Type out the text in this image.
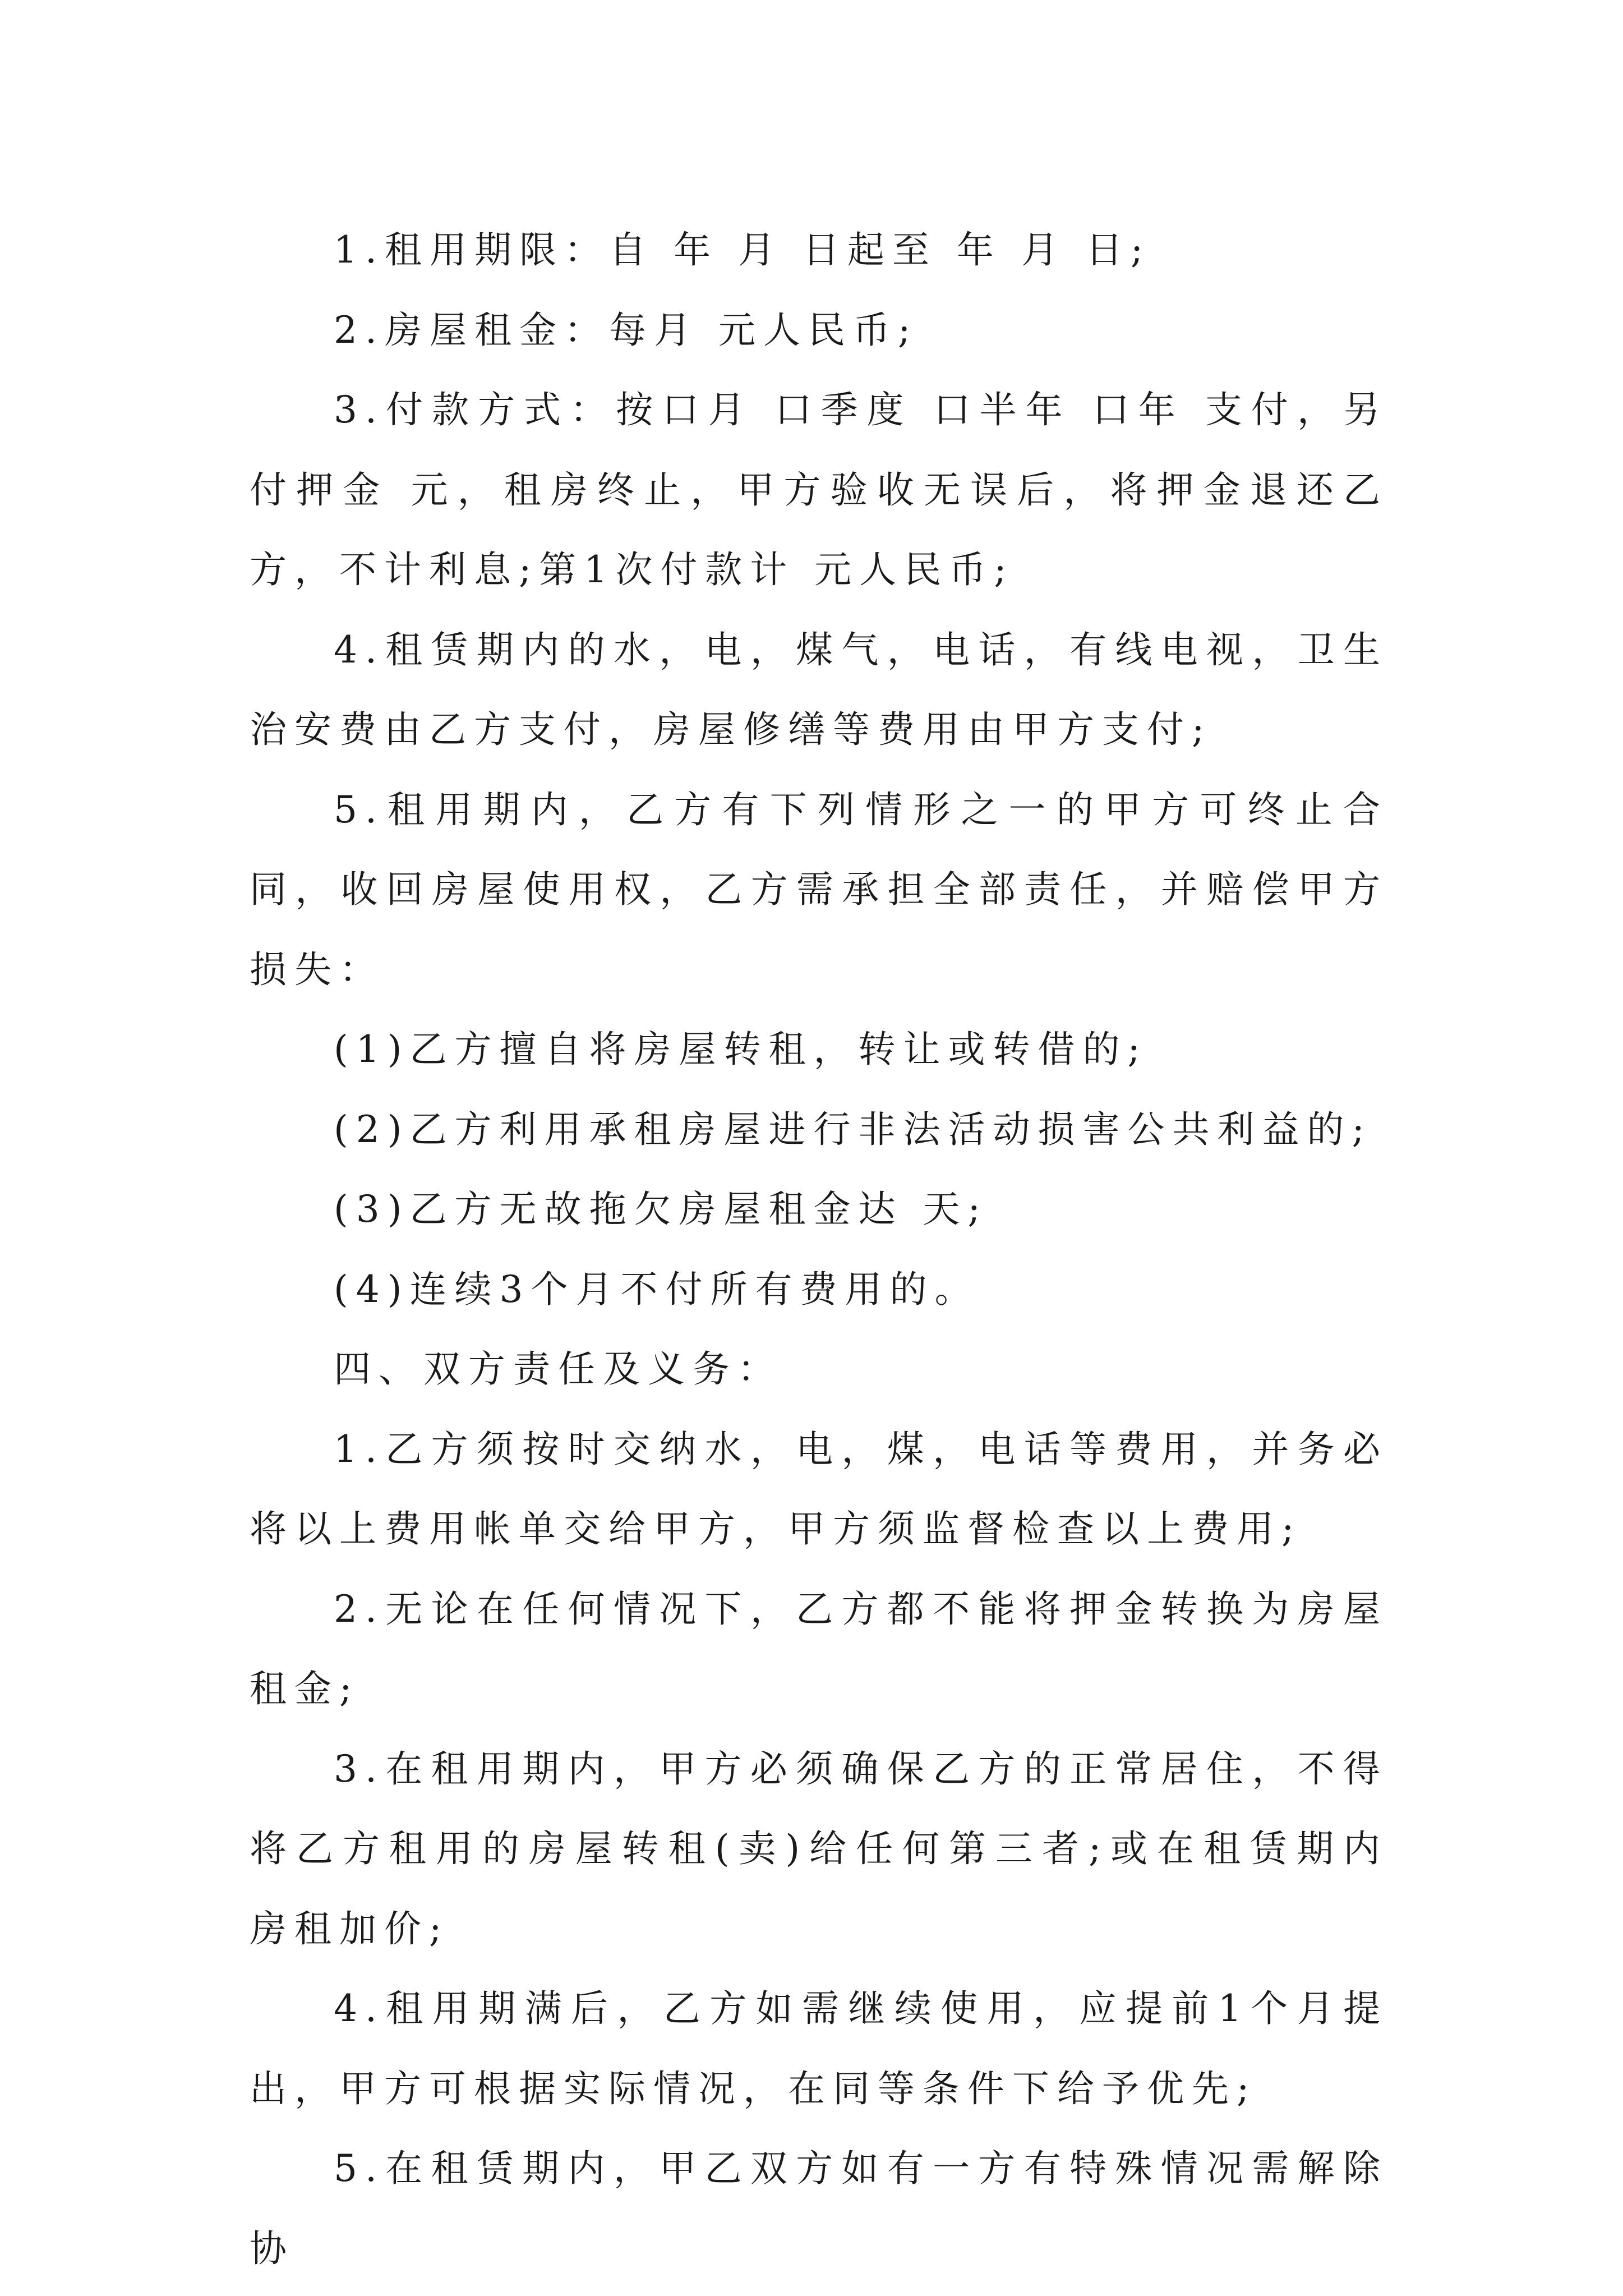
1.租用期限：自 年 月 日起至 年 月 日;

2.房屋租金：每月 元人民币;

3.付款方式：按口月 口季度 口半年 口年 支付，另付押金 元，租房终止，甲方验收无误后，将押金退还乙方，不计利息;第1次付款计 元人民币;

4.租赁期内的水，电，煤气，电话，有线电视，卫生治安费由乙方支付，房屋修缮等费用由甲方支付;

5.租用期内，乙方有下列情形之一的甲方可终止合同，收回房屋使用权，乙方需承担全部责任，并赔偿甲方损失：

(1)乙方擅自将房屋转租，转让或转借的;

(2)乙方利用承租房屋进行非法活动损害公共利益的;

(3)乙方无故拖欠房屋租金达 天;

(4)连续3个月不付所有费用的。

四、双方责任及义务：

1.乙方须按时交纳水，电，煤，电话等费用，并务必将以上费用帐单交给甲方，甲方须监督检查以上费用;

2.无论在任何情况下，乙方都不能将押金转换为房屋租金;

3.在租用期内，甲方必须确保乙方的正常居住，不得将乙方租用的房屋转租(卖)给任何第三者;或在租赁期内房租加价;

4.租用期满后，乙方如需继续使用，应提前1个月提出，甲方可根据实际情况，在同等条件下给予优先;

5.在租赁期内，甲乙双方如有一方有特殊情况需解除协
